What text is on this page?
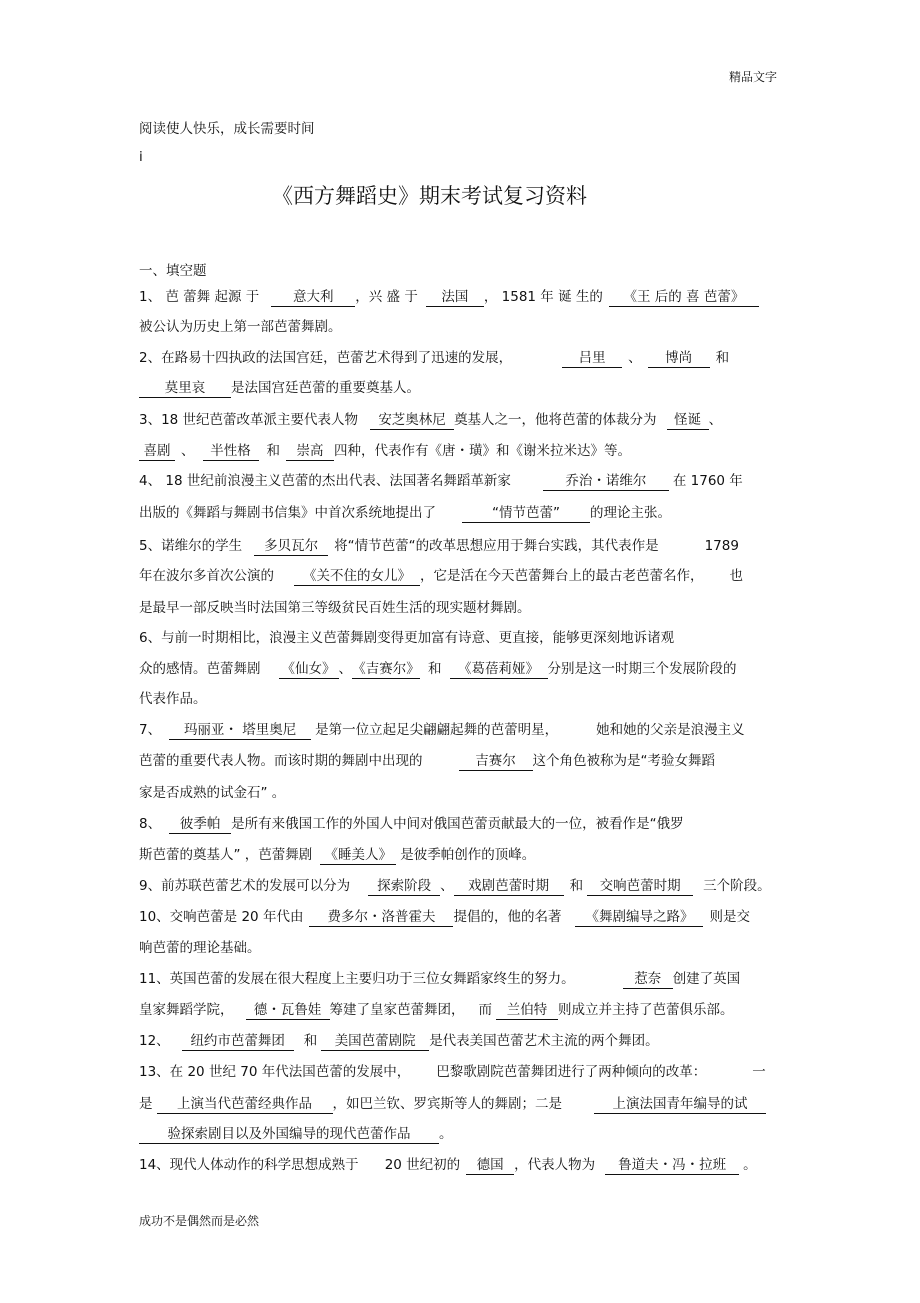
精品文字
阅读使人快乐，成长需要时间
i
《西方舞蹈史》期末考试复习资料
一、填空题
1、 芭 蕾舞 起源 于	意大利 ，兴 盛 于 法国 ， 1581 年 诞 生的 《王 后的 喜 芭蕾》
被公认为历史上第一部芭蕾舞剧。
2、在路易十四执政的法国宫廷，芭蕾艺术得到了迅速的发展，	吕里 、 博尚 和
莫里哀 是法国宫廷芭蕾的重要奠基人。
3、18 世纪芭蕾改革派主要代表人物 安芝奥林尼 奠基人之一，他将芭蕾的体裁分为 怪诞 、
喜剧 、 半性格 和 崇高 四种，代表作有《唐・璜》和《谢米拉米达》等。
4、 18 世纪前浪漫主义芭蕾的杰出代表、法国著名舞蹈革新家	乔治・诺维尔 在 1760 年
出版的《舞蹈与舞剧书信集》中首次系统地提出了	“情节芭蕾” 的理论主张。
5、诺维尔的学生 多贝瓦尔 将“情节芭蕾“的改革思想应用于舞台实践，其代表作是	1789
年在波尔多首次公演的 《关不住的女儿》 ，它是活在今天芭蕾舞台上的最古老芭蕾名作， 也
是最早一部反映当时法国第三等级贫民百姓生活的现实题材舞剧。
6、与前一时期相比，浪漫主义芭蕾舞剧变得更加富有诗意、更直接，能够更深刻地诉诸观
众的感情。芭蕾舞剧 《仙女》 、《吉赛尔》 和 《葛蓓莉娅》 分别是这一时期三个发展阶段的
代表作品。
7、 玛丽亚・ 塔里奥尼 是第一位立起足尖翩翩起舞的芭蕾明星，	她和她的父亲是浪漫主义
芭蕾的重要代表人物。而该时期的舞剧中出现的	吉赛尔 这个角色被称为是“考验女舞蹈
家是否成熟的试金石” 。
8、 彼季帕 是所有来俄国工作的外国人中间对俄国芭蕾贡献最大的一位，被看作是“俄罗
斯芭蕾的奠基人” ，芭蕾舞剧 《睡美人》 是彼季帕创作的顶峰。
9、前苏联芭蕾艺术的发展可以分为 探索阶段 、 戏剧芭蕾时期 和 交响芭蕾时期 三个阶段。
10、交响芭蕾是 20 年代由 费多尔・洛普霍夫 提倡的，他的名著 《舞剧编导之路》 则是交
响芭蕾的理论基础。
11、英国芭蕾的发展在很大程度上主要归功于三位女舞蹈家终生的努力。	惹奈 创建了英国
皇家舞蹈学院， 德・瓦鲁娃 筹建了皇家芭蕾舞团， 而 兰伯特 则成立并主持了芭蕾俱乐部。
12、 纽约市芭蕾舞团 和 美国芭蕾剧院 是代表美国芭蕾艺术主流的两个舞团。
13、在 20 世纪 70 年代法国芭蕾的发展中， 巴黎歌剧院芭蕾舞团进行了两种倾向的改革：	一
是 上演当代芭蕾经典作品 ，如巴兰钦、罗宾斯等人的舞剧；二是	上演法国青年编导的试
验探索剧目以及外国编导的现代芭蕾作品 。
14、现代人体动作的科学思想成熟于 20 世纪初的 德国 ，代表人物为 鲁道夫・冯・拉班 。
成功不是偶然而是必然
